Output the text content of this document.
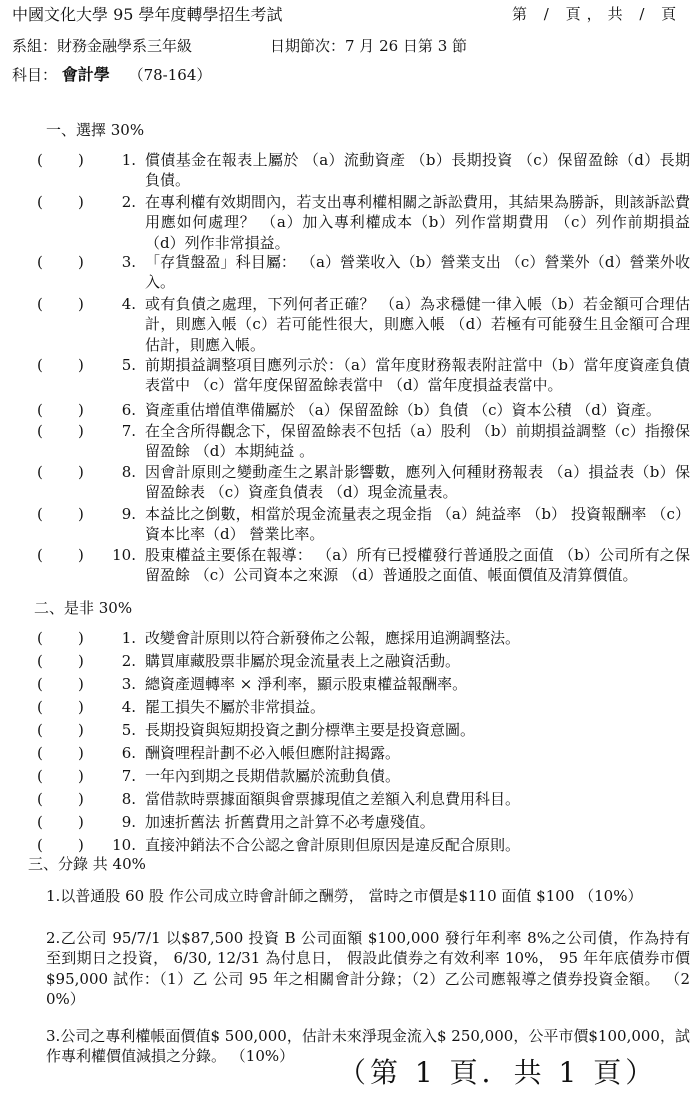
中國文化大學 95 學年度轉學招生考試	第 / 頁，共 / 頁
系組：財務金融學系三年級	日期節次：7 月 26 日第 3 節
科目： 會計學 （78-164）
一、選擇 30%
( )	1. 償債基金在報表上屬於 （a）流動資產 （b）長期投資 （c）保留盈餘（d）長期負債。
( )	2. 在專利權有效期間內，若支出專利權相關之訴訟費用，其結果為勝訴，則該訴訟費用應如何處理？ （a）加入專利權成本（b）列作當期費用 （c）列作前期損益 （d）列作非常損益。
( )	3. 「存貨盤盈」科目屬： （a）營業收入（b）營業支出 （c）營業外（d）營業外收入。
( )	4. 或有負債之處理，下列何者正確？ （a）為求穩健一律入帳（b）若金額可合理估計，則應入帳（c）若可能性很大，則應入帳 （d）若極有可能發生且金額可合理估計，則應入帳。
( )	5. 前期損益調整項目應列示於：（a）當年度財務報表附註當中（b）當年度資產負債表當中 （c）當年度保留盈餘表當中 （d）當年度損益表當中。
( )	6. 資產重估增值準備屬於 （a）保留盈餘（b）負債 （c）資本公積 （d）資產。
( )	7. 在全含所得觀念下，保留盈餘表不包括（a）股利 （b）前期損益調整（c）指撥保留盈餘 （d）本期純益 。
( )	8. 因會計原則之變動產生之累計影響數，應列入何種財務報表 （a）損益表（b）保留盈餘表 （c）資產負債表 （d）現金流量表。
( )	9. 本益比之倒數，相當於現金流量表之現金指 （a）純益率 （b） 投資報酬率 （c）資本比率（d） 營業比率。
( )	10. 股東權益主要係在報導： （a）所有已授權發行普通股之面值 （b）公司所有之保留盈餘 （c）公司資本之來源 （d）普通股之面值、帳面價值及清算價值。
二、是非 30%
( )	1. 改變會計原則以符合新發佈之公報，應採用追溯調整法。
( )	2. 購買庫藏股票非屬於現金流量表上之融資活動。
( )	3. 總資產週轉率 × 淨利率，顯示股東權益報酬率。
( )	4. 罷工損失不屬於非常損益。
( )	5. 長期投資與短期投資之劃分標準主要是投資意圖。
( )	6. 酬資哩程計劃不必入帳但應附註揭露。
( )	7. 一年內到期之長期借款屬於流動負債。
( )	8. 當借款時票據面額與會票據現值之差額入利息費用科目。
( )	9. 加速折舊法 折舊費用之計算不必考慮殘值。
( )	10. 直接沖銷法不合公認之會計原則但原因是違反配合原則。
三、分錄 共 40%
1.以普通股 60 股 作公司成立時會計師之酬勞， 當時之市價是$110 面值 $100 （10%）
2.乙公司 95/7/1 以$87,500 投資 B 公司面額 $100,000 發行年利率 8%之公司債，作為持有至到期日之投資， 6/30, 12/31 為付息日， 假設此債券之有效利率 10%， 95 年年底債券市價 $95,000 試作：（1）乙 公司 95 年之相關會計分錄；（2）乙公司應報導之債券投資金額。 （20%）
3.公司之專利權帳面價值$ 500,000，估計未來淨現金流入$ 250,000，公平市價$100,000，試作專利權價值減損之分錄。 （10%）	（第 1 頁．共 1 頁）
